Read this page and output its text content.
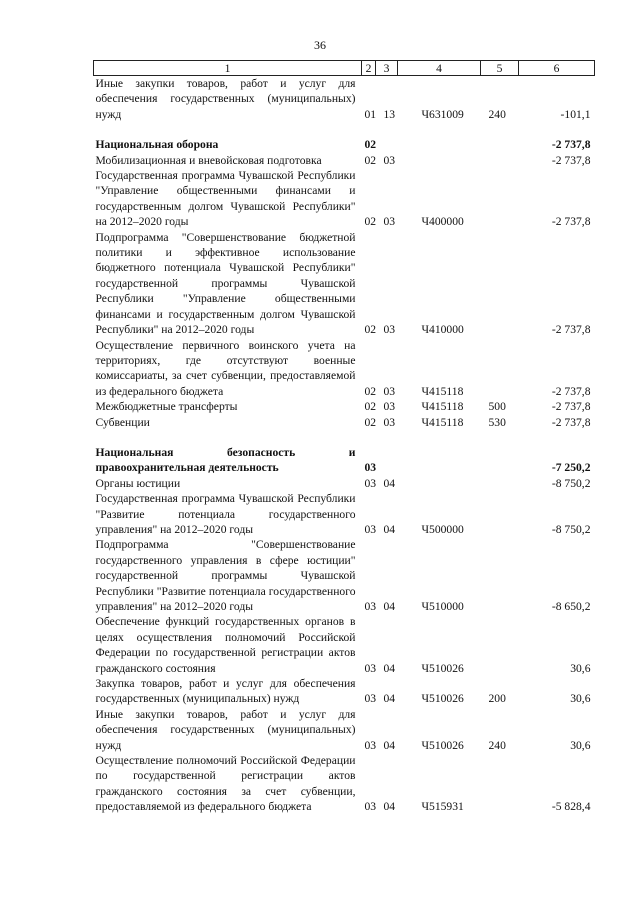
36
1	2	3	4	5	6
Иные закупки товаров, работ и услуг для обеспечения государственных (муниципальных) нужд	01	13	Ч631009	240	-101,1

Национальная оборона	02				-2 737,8
Мобилизационная и вневойсковая подготовка	02	03			-2 737,8
Государственная программа Чувашской Республики "Управление общественными финансами и государственным долгом Чувашской Республики" на 2012–2020 годы	02	03	Ч400000		-2 737,8
Подпрограмма "Совершенствование бюджетной политики и эффективное использование бюджетного потенциала Чувашской Республики" государственной программы Чувашской Республики "Управление общественными финансами и государственным долгом Чувашской Республики" на 2012–2020 годы	02	03	Ч410000		-2 737,8
Осуществление первичного воинского учета на территориях, где отсутствуют военные комиссариаты, за счет субвенции, предоставляемой из федерального бюджета	02	03	Ч415118		-2 737,8
Межбюджетные трансферты	02	03	Ч415118	500	-2 737,8
Субвенции	02	03	Ч415118	530	-2 737,8

Национальная безопасность и правоохранительная деятельность	03				-7 250,2
Органы юстиции	03	04			-8 750,2
Государственная программа Чувашской Республики "Развитие потенциала государственного управления" на 2012–2020 годы	03	04	Ч500000		-8 750,2
Подпрограмма "Совершенствование государственного управления в сфере юстиции" государственной программы Чувашской Республики "Развитие потенциала государственного управления" на 2012–2020 годы	03	04	Ч510000		-8 650,2
Обеспечение функций государственных органов в целях осуществления полномочий Российской Федерации по государственной регистрации актов гражданского состояния	03	04	Ч510026		30,6
Закупка товаров, работ и услуг для обеспечения государственных (муниципальных) нужд	03	04	Ч510026	200	30,6
Иные закупки товаров, работ и услуг для обеспечения государственных (муниципальных) нужд	03	04	Ч510026	240	30,6
Осуществление полномочий Российской Федерации по государственной регистрации актов гражданского состояния за счет субвенции, предоставляемой из федерального бюджета	03	04	Ч515931		-5 828,4
